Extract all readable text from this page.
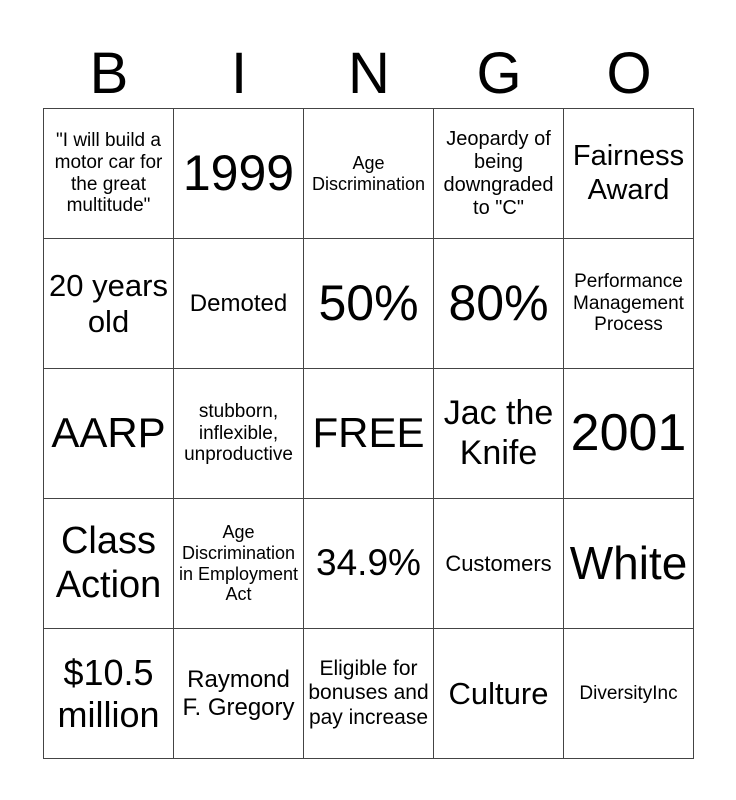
B	I	N	G	O
"I will build a motor car for the great multitude"	1999	Age Discrimination	Jeopardy of being downgraded to "C"	Fairness Award
20 years old	Demoted	50%	80%	Performance Management Process
AARP	stubborn, inflexible, unproductive	FREE	Jac the Knife	2001
Class Action	Age Discrimination in Employment Act	34.9%	Customers	White
$10.5 million	Raymond F. Gregory	Eligible for bonuses and pay increase	Culture	DiversityInc
